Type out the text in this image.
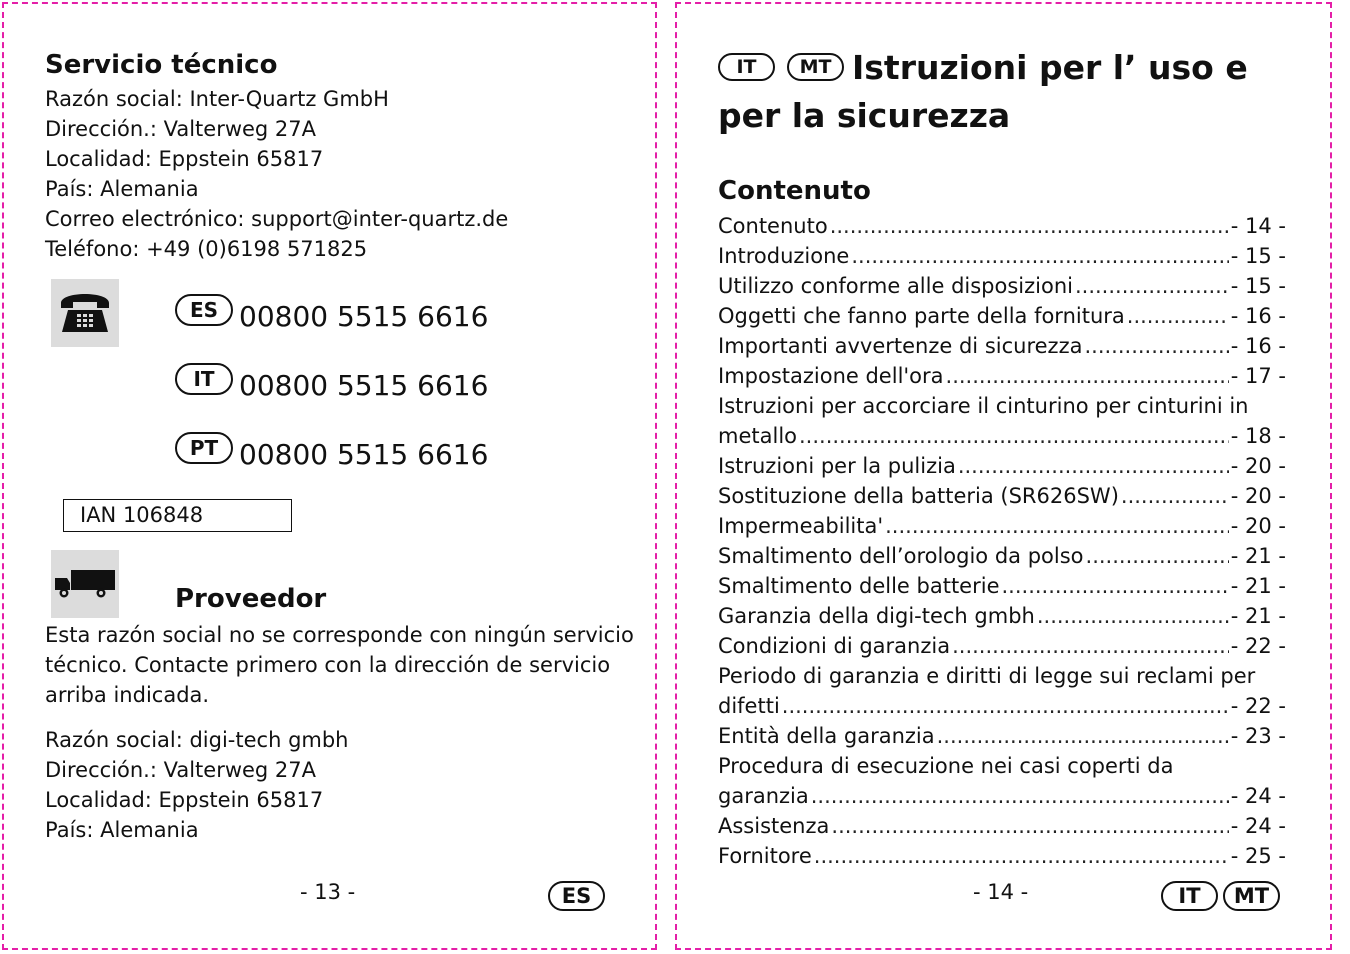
Servicio técnico
Razón social: Inter-Quartz GmbH
Dirección.: Valterweg 27A
Localidad: Eppstein 65817
País: Alemania
Correo electrónico: support@inter-quartz.de
Teléfono: +49 (0)6198 571825
ES 00800 5515 6616
IT 00800 5515 6616
PT 00800 5515 6616
IAN 106848
Proveedor
Esta razón social no se corresponde con ningún servicio
técnico. Contacte primero con la dirección de servicio
arriba indicada.
Razón social: digi-tech gmbh
Dirección.: Valterweg 27A
Localidad: Eppstein 65817
País: Alemania
- 13 -	ES
IT	MT Istruzioni per l’ uso e
per la sicurezza
Contenuto
Contenuto .....	- 14 -
Introduzione .....	- 15 -
Utilizzo conforme alle disposizioni .....	- 15 -
Oggetti che fanno parte della fornitura .....	- 16 -
Importanti avvertenze di sicurezza .....	- 16 -
Impostazione dell'ora .....	- 17 -
Istruzioni per accorciare il cinturino per cinturini in
metallo .....	- 18 -
Istruzioni per la pulizia .....	- 20 -
Sostituzione della batteria (SR626SW) .....	- 20 -
Impermeabilita' .....	- 20 -
Smaltimento dell’orologio da polso .....	- 21 -
Smaltimento delle batterie .....	- 21 -
Garanzia della digi-tech gmbh .....	- 21 -
Condizioni di garanzia .....	- 22 -
Periodo di garanzia e diritti di legge sui reclami per
difetti .....	- 22 -
Entità della garanzia .....	- 23 -
Procedura di esecuzione nei casi coperti da
garanzia .....	- 24 -
Assistenza .....	- 24 -
Fornitore .....	- 25 -
- 14 -	IT	MT
